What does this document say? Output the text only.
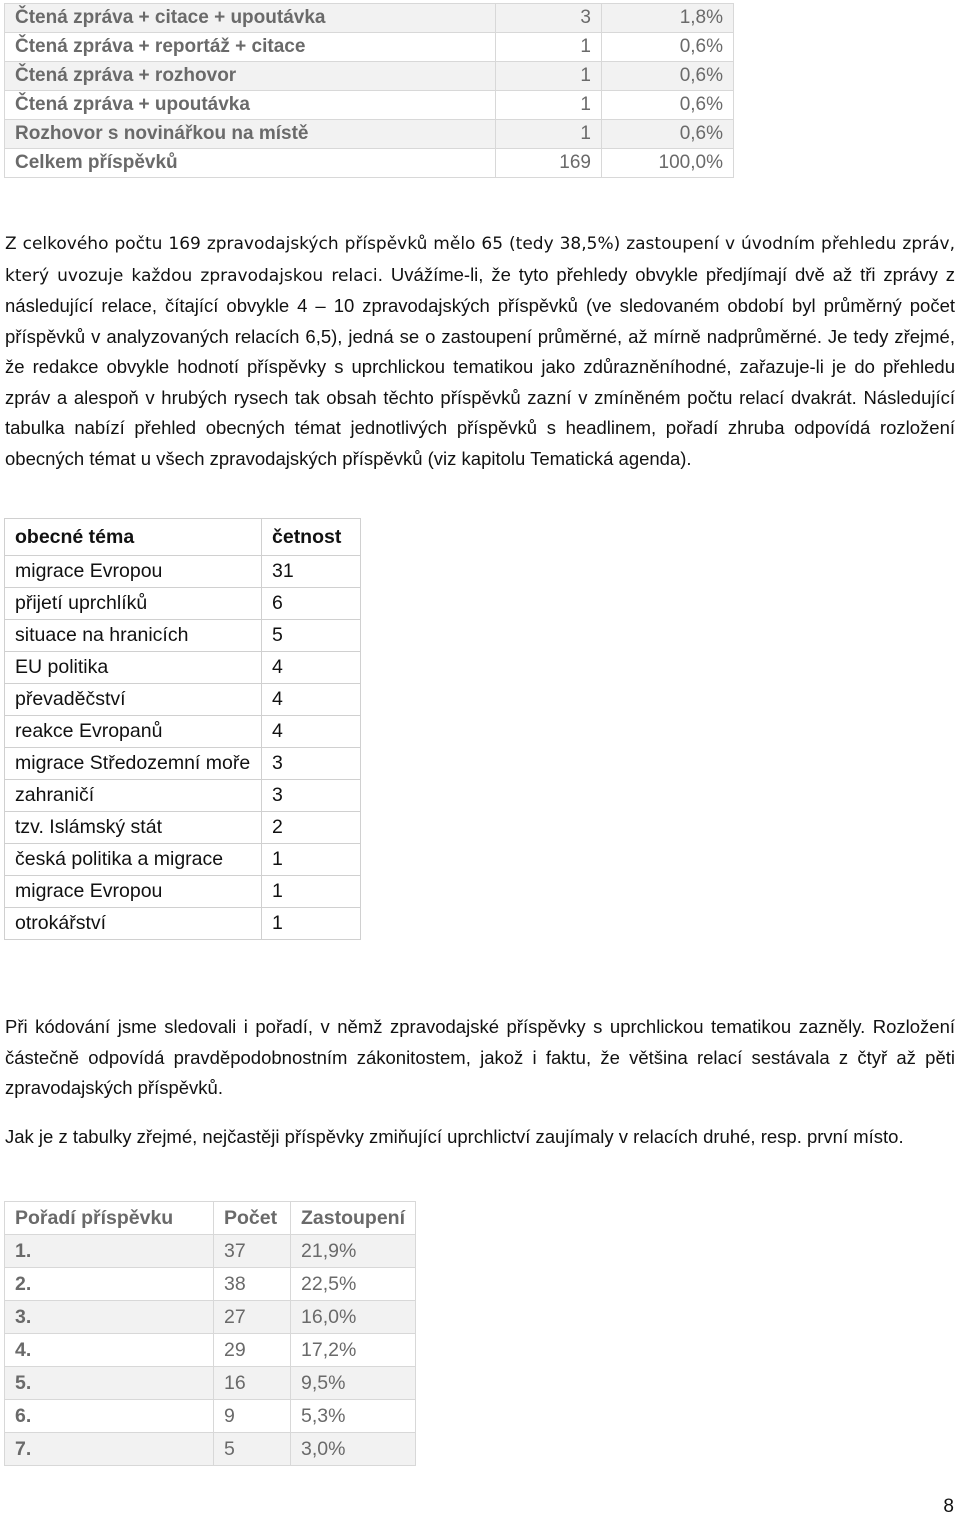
Čtená zpráva + citace + upoutávka	3	1,8%
Čtená zpráva + reportáž + citace	1	0,6%
Čtená zpráva + rozhovor	1	0,6%
Čtená zpráva + upoutávka	1	0,6%
Rozhovor s novinářkou na místě	1	0,6%
Celkem příspěvků	169	100,0%
Z celkového počtu 169 zpravodajských příspěvků mělo 65 (tedy 38,5%) zastoupení v úvodním přehledu zpráv, který uvozuje každou zpravodajskou relaci. Uvážíme-li, že tyto přehledy obvykle předjímají dvě až tři zprávy z následující relace, čítající obvykle 4 – 10 zpravodajských příspěvků (ve sledovaném období byl průměrný počet příspěvků v analyzovaných relacích 6,5), jedná se o zastoupení průměrné, až mírně nadprůměrné. Je tedy zřejmé, že redakce obvykle hodnotí příspěvky s uprchlickou tematikou jako zdůrazněníhodné, zařazuje-li je do přehledu zpráv a alespoň v hrubých rysech tak obsah těchto příspěvků zazní v zmíněném počtu relací dvakrát. Následující tabulka nabízí přehled obecných témat jednotlivých příspěvků s headlinem, pořadí zhruba odpovídá rozložení obecných témat u všech zpravodajských příspěvků (viz kapitolu Tematická agenda).
obecné téma	četnost
migrace Evropou	31
přijetí uprchlíků	6
situace na hranicích	5
EU politika	4
převaděčství	4
reakce Evropanů	4
migrace Středozemní moře	3
zahraničí	3
tzv. Islámský stát	2
česká politika a migrace	1
migrace Evropou	1
otrokářství	1
Při kódování jsme sledovali i pořadí, v němž zpravodajské příspěvky s uprchlickou tematikou zazněly. Rozložení částečně odpovídá pravděpodobnostním zákonitostem, jakož i faktu, že většina relací sestávala z čtyř až pěti zpravodajských příspěvků.
Jak je z tabulky zřejmé, nejčastěji příspěvky zmiňující uprchlictví zaujímaly v relacích druhé, resp. první místo.
Pořadí příspěvku	Počet	Zastoupení
1.	37	21,9%
2.	38	22,5%
3.	27	16,0%
4.	29	17,2%
5.	16	9,5%
6.	9	5,3%
7.	5	3,0%
8
